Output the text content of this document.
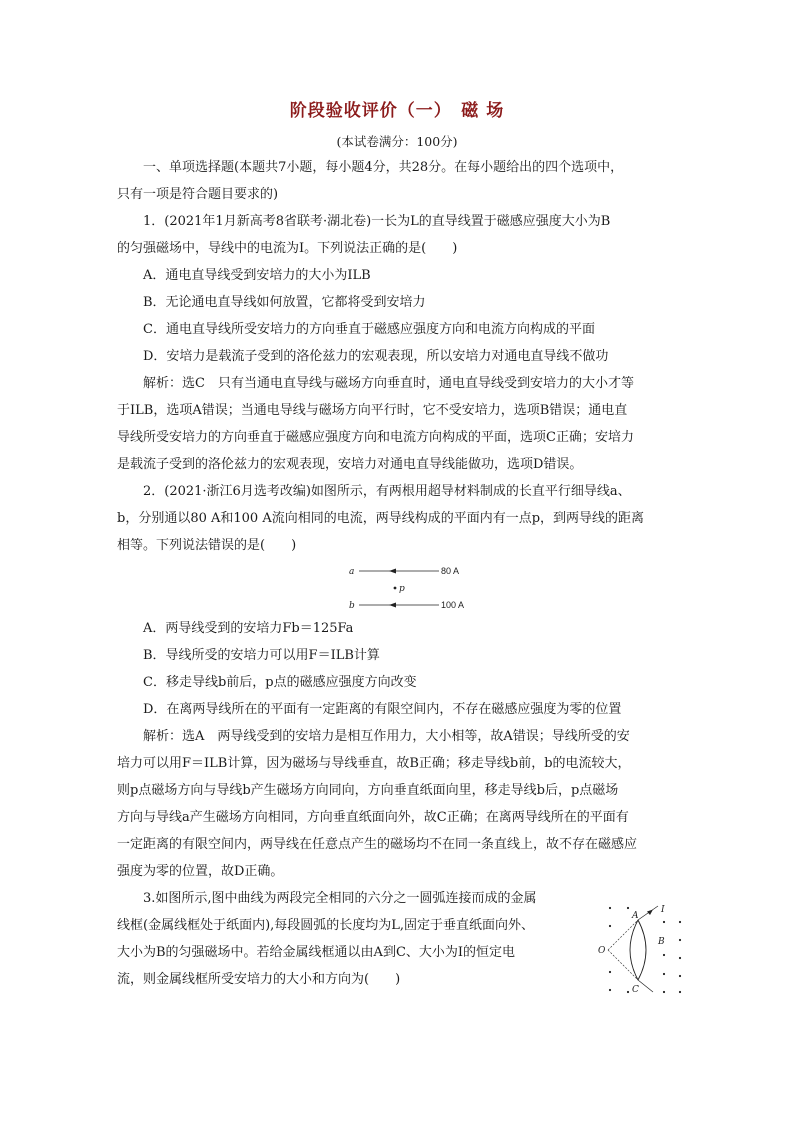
阶段验收评价（一）　磁 场
(本试卷满分：100分)
一、单项选择题(本题共7小题，每小题4分，共28分。在每小题给出的四个选项中，
只有一项是符合题目要求的)
1．(2021年1月新高考8省联考·湖北卷)一长为L的直导线置于磁感应强度大小为B
的匀强磁场中，导线中的电流为I。下列说法正确的是(　　)
A．通电直导线受到安培力的大小为ILB
B．无论通电直导线如何放置，它都将受到安培力
C．通电直导线所受安培力的方向垂直于磁感应强度方向和电流方向构成的平面
D．安培力是载流子受到的洛伦兹力的宏观表现，所以安培力对通电直导线不做功
解析：选C　只有当通电直导线与磁场方向垂直时，通电直导线受到安培力的大小才等
于ILB，选项A错误；当通电导线与磁场方向平行时，它不受安培力，选项B错误；通电直
导线所受安培力的方向垂直于磁感应强度方向和电流方向构成的平面，选项C正确；安培力
是载流子受到的洛伦兹力的宏观表现，安培力对通电直导线能做功，选项D错误。
2．(2021·浙江6月选考改编)如图所示，有两根用超导材料制成的长直平行细导线a、
b，分别通以80 A和100 A流向相同的电流，两导线构成的平面内有一点p，到两导线的距离
相等。下列说法错误的是(　　)
a	80 A
p
b	100 A
A．两导线受到的安培力Fb＝125Fa
B．导线所受的安培力可以用F＝ILB计算
C．移走导线b前后，p点的磁感应强度方向改变
D．在离两导线所在的平面有一定距离的有限空间内，不存在磁感应强度为零的位置
解析：选A　两导线受到的安培力是相互作用力，大小相等，故A错误；导线所受的安
培力可以用F＝ILB计算，因为磁场与导线垂直，故B正确；移走导线b前，b的电流较大，
则p点磁场方向与导线b产生磁场方向同向，方向垂直纸面向里，移走导线b后，p点磁场
方向与导线a产生磁场方向相同，方向垂直纸面向外，故C正确；在离两导线所在的平面有
一定距离的有限空间内，两导线在任意点产生的磁场均不在同一条直线上，故不存在磁感应
强度为零的位置，故D正确。
3.如图所示,图中曲线为两段完全相同的六分之一圆弧连接而成的金属
线框(金属线框处于纸面内),每段圆弧的长度均为L,固定于垂直纸面向外、
大小为B的匀强磁场中。若给金属线框通以由A到C、大小为I的恒定电
流，则金属线框所受安培力的大小和方向为(　　)
A
B
C
O
I
